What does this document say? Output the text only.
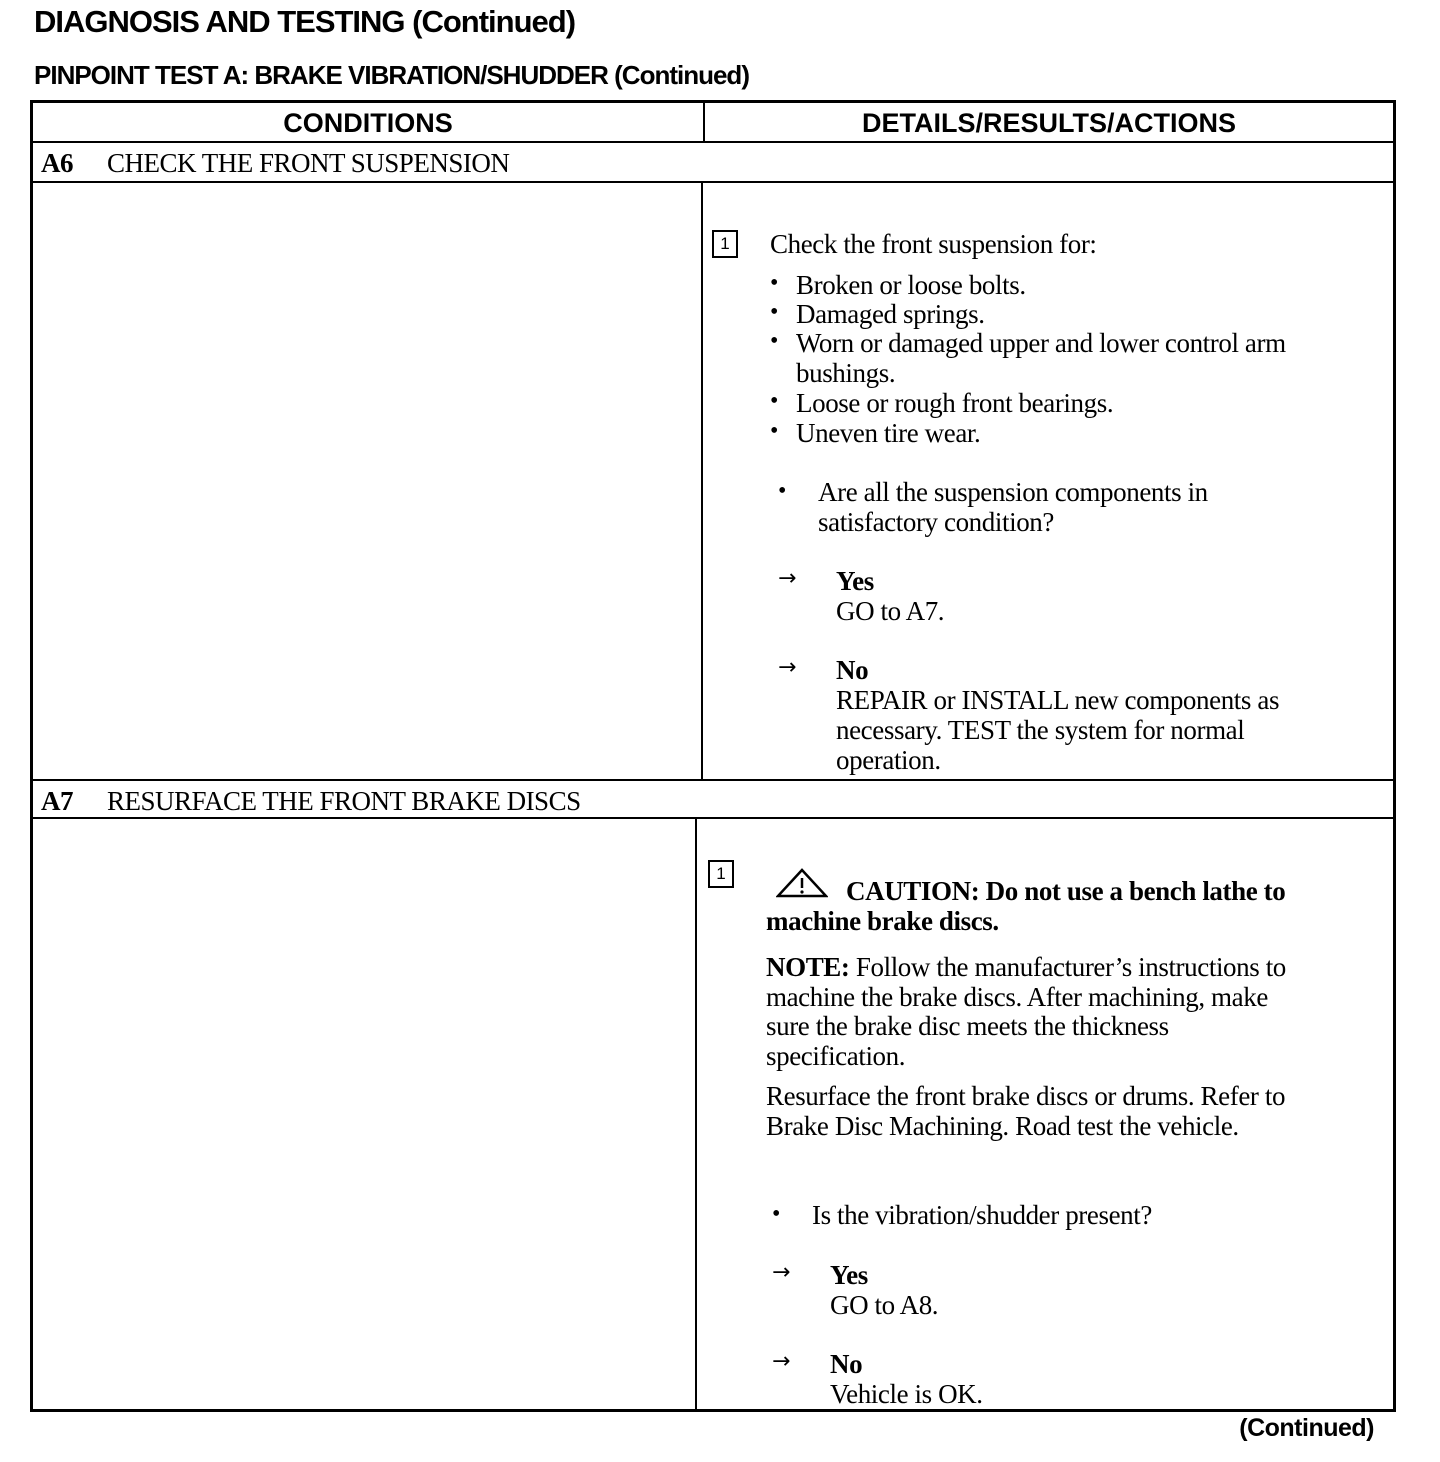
DIAGNOSIS AND TESTING (Continued)
PINPOINT TEST A: BRAKE VIBRATION/SHUDDER (Continued)
CONDITIONS	DETAILS/RESULTS/ACTIONS
A6 CHECK THE FRONT SUSPENSION
A7 RESURFACE THE FRONT BRAKE DISCS
1	Check the front suspension for:
• Broken or loose bolts.
• Damaged springs.
• Worn or damaged upper and lower control arm
bushings.
• Loose or rough front bearings.
• Uneven tire wear.
• Are all the suspension components in
satisfactory condition?
→ Yes
GO to A7.
→ No
REPAIR or INSTALL new components as
necessary. TEST the system for normal
operation.
1
CAUTION: Do not use a bench lathe to
machine brake discs.
NOTE: Follow the manufacturer’s instructions to
machine the brake discs. After machining, make
sure the brake disc meets the thickness
specification.
Resurface the front brake discs or drums. Refer to
Brake Disc Machining. Road test the vehicle.
• Is the vibration/shudder present?
→ Yes
GO to A8.
→ No
Vehicle is OK.
(Continued)
